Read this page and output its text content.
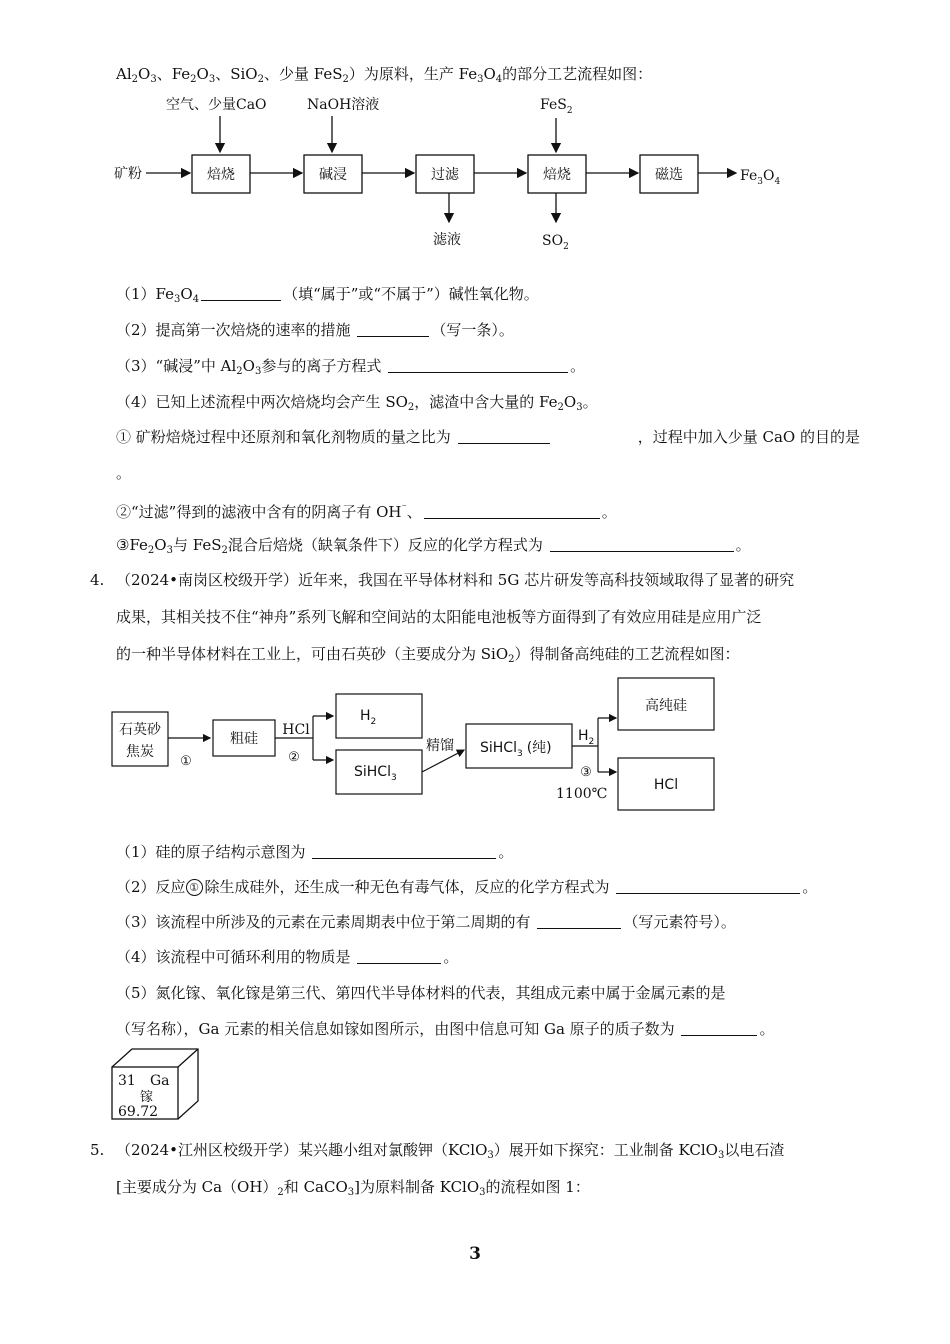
$Al_2O_3$、$Fe_2O_3$、SiO$_2$、少量 FeS$_2$）为原料，生产 $Fe_3O_4$的部分工艺流程如图：
空气、少量CaO	NaOH溶液	FeS$_2$
矿粉	焙烧	碱浸	过滤	焙烧	磁选	$Fe_3O_4$
滤液	$SO_2$
$(1)Fe_3O_4$	（填“属于”或“不属于”）碱性氧化物。
（2）提高第一次焙烧的速率的措施	（写一条）。
（3）“碱浸”中 $Al_2O_3$参与的离子方程式	。
（4）已知上述流程中两次焙烧均会产生 $SO_2$，滤渣中含大量的 $Fe_2O_3$。
① 矿粉焙烧过程中还原剂和氧化剂物质的量之比为	，过程中加入少量 CaO 的目的是
。
②“过滤”得到的滤液中含有的阴离子有 OH⁻、	。
$③Fe_2O_3$与 FeS$_2$混合后焙烧（缺氧条件下）反应的化学方程式为	。
4. （2024•南岗区校级开学）近年来，我国在平导体材料和 5G 芯片研发等高科技领域取得了显著的研究
成果，其相关技不住“神舟”系列飞解和空间站的太阳能电池板等方面得到了有效应用硅是应用广泛
的一种半导体材料在工业上，可由石英砂（主要成分为 SiO$_2$）得制备高纯硅的工艺流程如图：
石英砂
焦炭
①
粗硅
HCl
②
$H_2$
SiHCl$_3$
精馏 SiHCl$_3$ (纯)
$H_2$
③
1100℃
高纯硅
HCl
（1）硅的原子结构示意图为	。
（2）反应 ① 除生成硅外，还生成一种无色有毒气体，反应的化学方程式为	。
（3）该流程中所涉及的元素在元素周期表中位于第二周期的有	（写元素符号）。
（4）该流程中可循环利用的物质是	。
（5）氮化镓、氧化镓是第三代、第四代半导体材料的代表，其组成元素中属于金属元素的是
（写名称），Ga 元素的相关信息如镓如图所示，由图中信息可知 Ga 原子的质子数为	。
31 Ga
镓
69.72
5. （2024•江州区校级开学）某兴趣小组对氯酸钾（KClO$_3$）展开如下探究：工业制备 KClO$_3$以电石渣
[主要成分为 $Ca(OH)_2$和 CaCO$_3$]为原料制备 KClO$_3$的流程如图 1：
3
